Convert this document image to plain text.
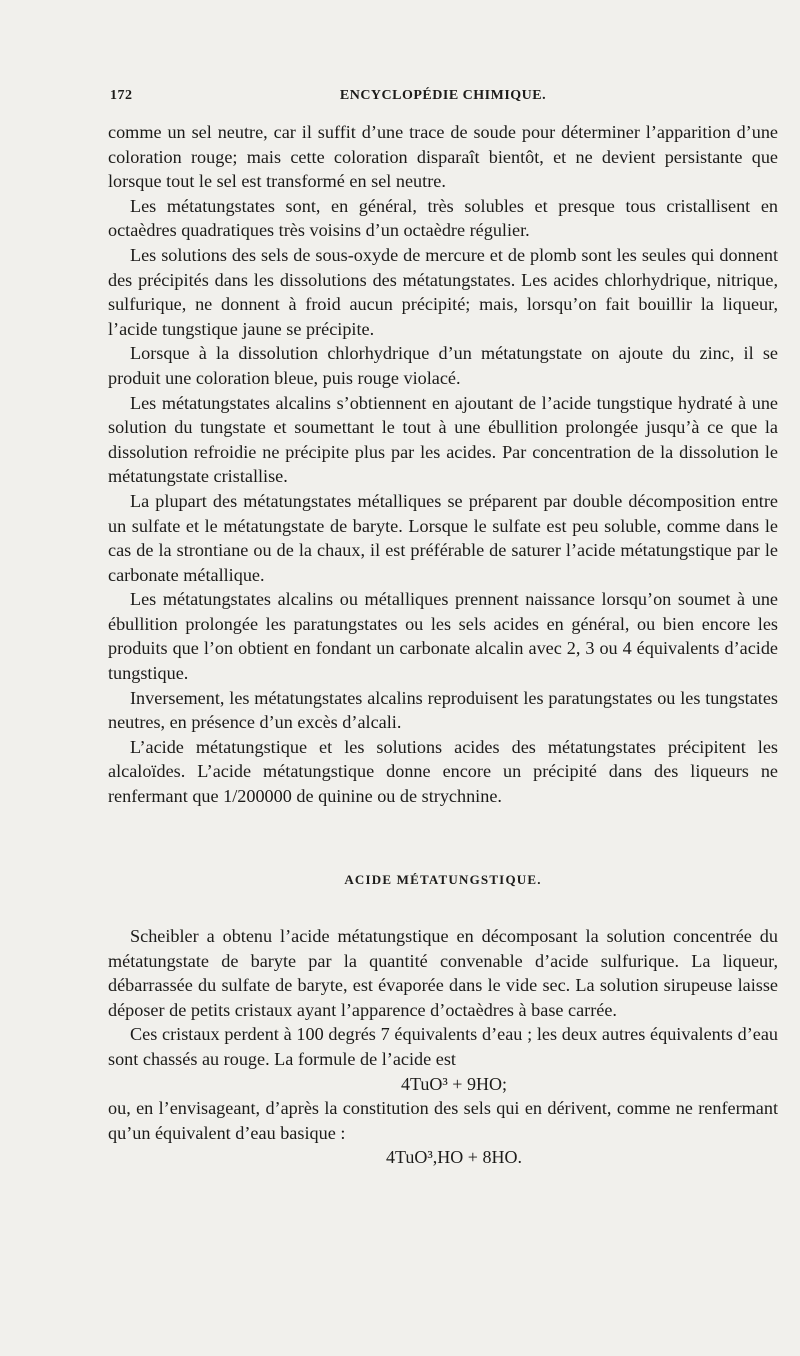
172	ENCYCLOPÉDIE CHIMIQUE.

comme un sel neutre, car il suffit d’une trace de soude pour déterminer l’apparition d’une coloration rouge; mais cette coloration disparaît bientôt, et ne devient persistante que lorsque tout le sel est transformé en sel neutre.

Les métatungstates sont, en général, très solubles et presque tous cristallisent en octaèdres quadratiques très voisins d’un octaèdre régulier.

Les solutions des sels de sous-oxyde de mercure et de plomb sont les seules qui donnent des précipités dans les dissolutions des métatungstates. Les acides chlorhydrique, nitrique, sulfurique, ne donnent à froid aucun précipité; mais, lorsqu’on fait bouillir la liqueur, l’acide tungstique jaune se précipite.

Lorsque à la dissolution chlorhydrique d’un métatungstate on ajoute du zinc, il se produit une coloration bleue, puis rouge violacé.

Les métatungstates alcalins s’obtiennent en ajoutant de l’acide tungstique hydraté à une solution du tungstate et soumettant le tout à une ébullition prolongée jusqu’à ce que la dissolution refroidie ne précipite plus par les acides. Par concentration de la dissolution le métatungstate cristallise.

La plupart des métatungstates métalliques se préparent par double décomposition entre un sulfate et le métatungstate de baryte. Lorsque le sulfate est peu soluble, comme dans le cas de la strontiane ou de la chaux, il est préférable de saturer l’acide métatungstique par le carbonate métallique.

Les métatungstates alcalins ou métalliques prennent naissance lorsqu’on soumet à une ébullition prolongée les paratungstates ou les sels acides en général, ou bien encore les produits que l’on obtient en fondant un carbonate alcalin avec 2, 3 ou 4 équivalents d’acide tungstique.

Inversement, les métatungstates alcalins reproduisent les paratungstates ou les tungstates neutres, en présence d’un excès d’alcali.

L’acide métatungstique et les solutions acides des métatungstates précipitent les alcaloïdes. L’acide métatungstique donne encore un précipité dans des liqueurs ne renfermant que 1/200000 de quinine ou de strychnine.

ACIDE MÉTATUNGSTIQUE.

Scheibler a obtenu l’acide métatungstique en décomposant la solution concentrée du métatungstate de baryte par la quantité convenable d’acide sulfurique. La liqueur, débarrassée du sulfate de baryte, est évaporée dans le vide sec. La solution sirupeuse laisse déposer de petits cristaux ayant l’apparence d’octaèdres à base carrée.

Ces cristaux perdent à 100 degrés 7 équivalents d’eau ; les deux autres équivalents d’eau sont chassés au rouge. La formule de l’acide est

4TuO³ + 9HO;

ou, en l’envisageant, d’après la constitution des sels qui en dérivent, comme ne renfermant qu’un équivalent d’eau basique :

4TuO³,HO + 8HO.
